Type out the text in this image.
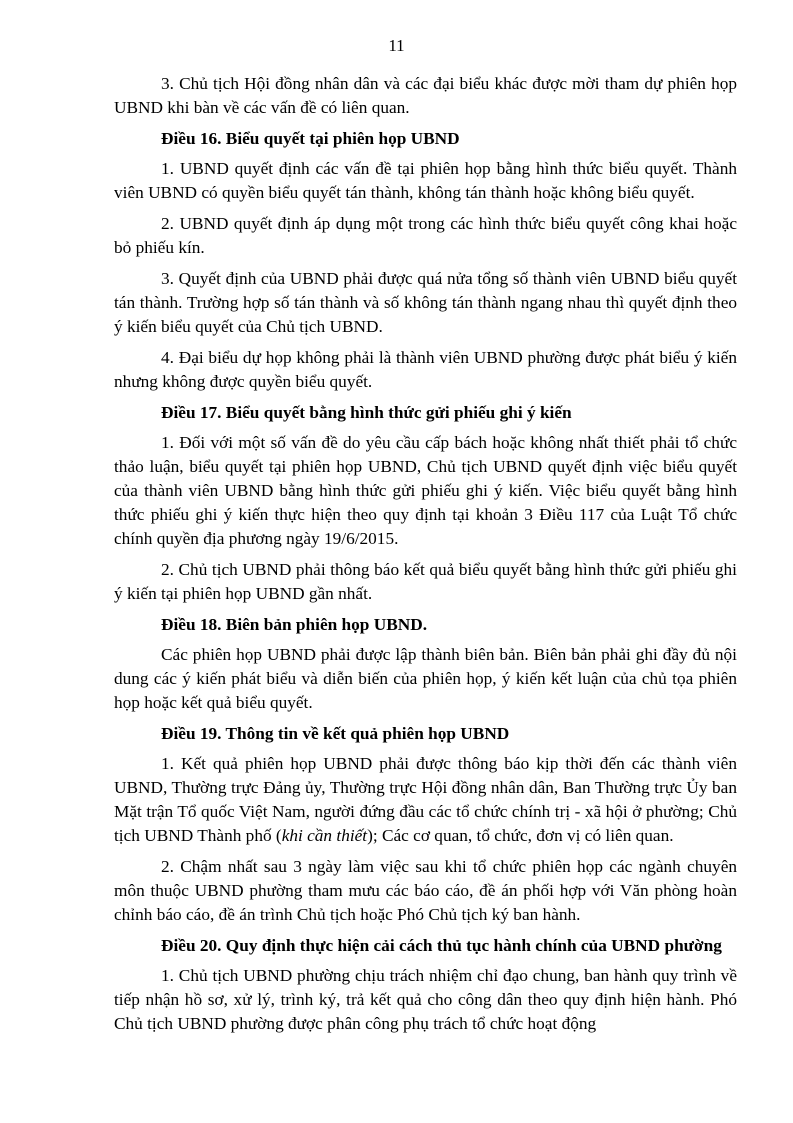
11

3. Chủ tịch Hội đồng nhân dân và các đại biểu khác được mời tham dự phiên họp UBND khi bàn về các vấn đề có liên quan.

Điều 16. Biểu quyết tại phiên họp UBND

1. UBND quyết định các vấn đề tại phiên họp bằng hình thức biểu quyết. Thành viên UBND có quyền biểu quyết tán thành, không tán thành hoặc không biểu quyết.

2. UBND quyết định áp dụng một trong các hình thức biểu quyết công khai hoặc bỏ phiếu kín.

3. Quyết định của UBND phải được quá nửa tổng số thành viên UBND biểu quyết tán thành. Trường hợp số tán thành và số không tán thành ngang nhau thì quyết định theo ý kiến biểu quyết của Chủ tịch UBND.

4. Đại biểu dự họp không phải là thành viên UBND phường được phát biểu ý kiến nhưng không được quyền biểu quyết.

Điều 17. Biểu quyết bằng hình thức gửi phiếu ghi ý kiến

1. Đối với một số vấn đề do yêu cầu cấp bách hoặc không nhất thiết phải tổ chức thảo luận, biểu quyết tại phiên họp UBND, Chủ tịch UBND quyết định việc biểu quyết của thành viên UBND bằng hình thức gửi phiếu ghi ý kiến. Việc biểu quyết bằng hình thức phiếu ghi ý kiến thực hiện theo quy định tại khoản 3 Điều 117 của Luật Tổ chức chính quyền địa phương ngày 19/6/2015.

2. Chủ tịch UBND phải thông báo kết quả biểu quyết bằng hình thức gửi phiếu ghi ý kiến tại phiên họp UBND gần nhất.

Điều 18. Biên bản phiên họp UBND.

Các phiên họp UBND phải được lập thành biên bản. Biên bản phải ghi đầy đủ nội dung các ý kiến phát biểu và diễn biến của phiên họp, ý kiến kết luận của chủ tọa phiên họp hoặc kết quả biểu quyết.

Điều 19. Thông tin về kết quả phiên họp UBND

1. Kết quả phiên họp UBND phải được thông báo kịp thời đến các thành viên UBND, Thường trực Đảng ủy, Thường trực Hội đồng nhân dân, Ban Thường trực Ủy ban Mặt trận Tổ quốc Việt Nam, người đứng đầu các tổ chức chính trị - xã hội ở phường; Chủ tịch UBND Thành phố (khi cần thiết); Các cơ quan, tổ chức, đơn vị có liên quan.

2. Chậm nhất sau 3 ngày làm việc sau khi tổ chức phiên họp các ngành chuyên môn thuộc UBND phường tham mưu các báo cáo, đề án phối hợp với Văn phòng hoàn chỉnh báo cáo, đề án trình Chủ tịch hoặc Phó Chủ tịch ký ban hành.

Điều 20. Quy định thực hiện cải cách thủ tục hành chính của UBND phường

1. Chủ tịch UBND phường chịu trách nhiệm chỉ đạo chung, ban hành quy trình về tiếp nhận hồ sơ, xử lý, trình ký, trả kết quả cho công dân theo quy định hiện hành. Phó Chủ tịch UBND phường được phân công phụ trách tổ chức hoạt động
